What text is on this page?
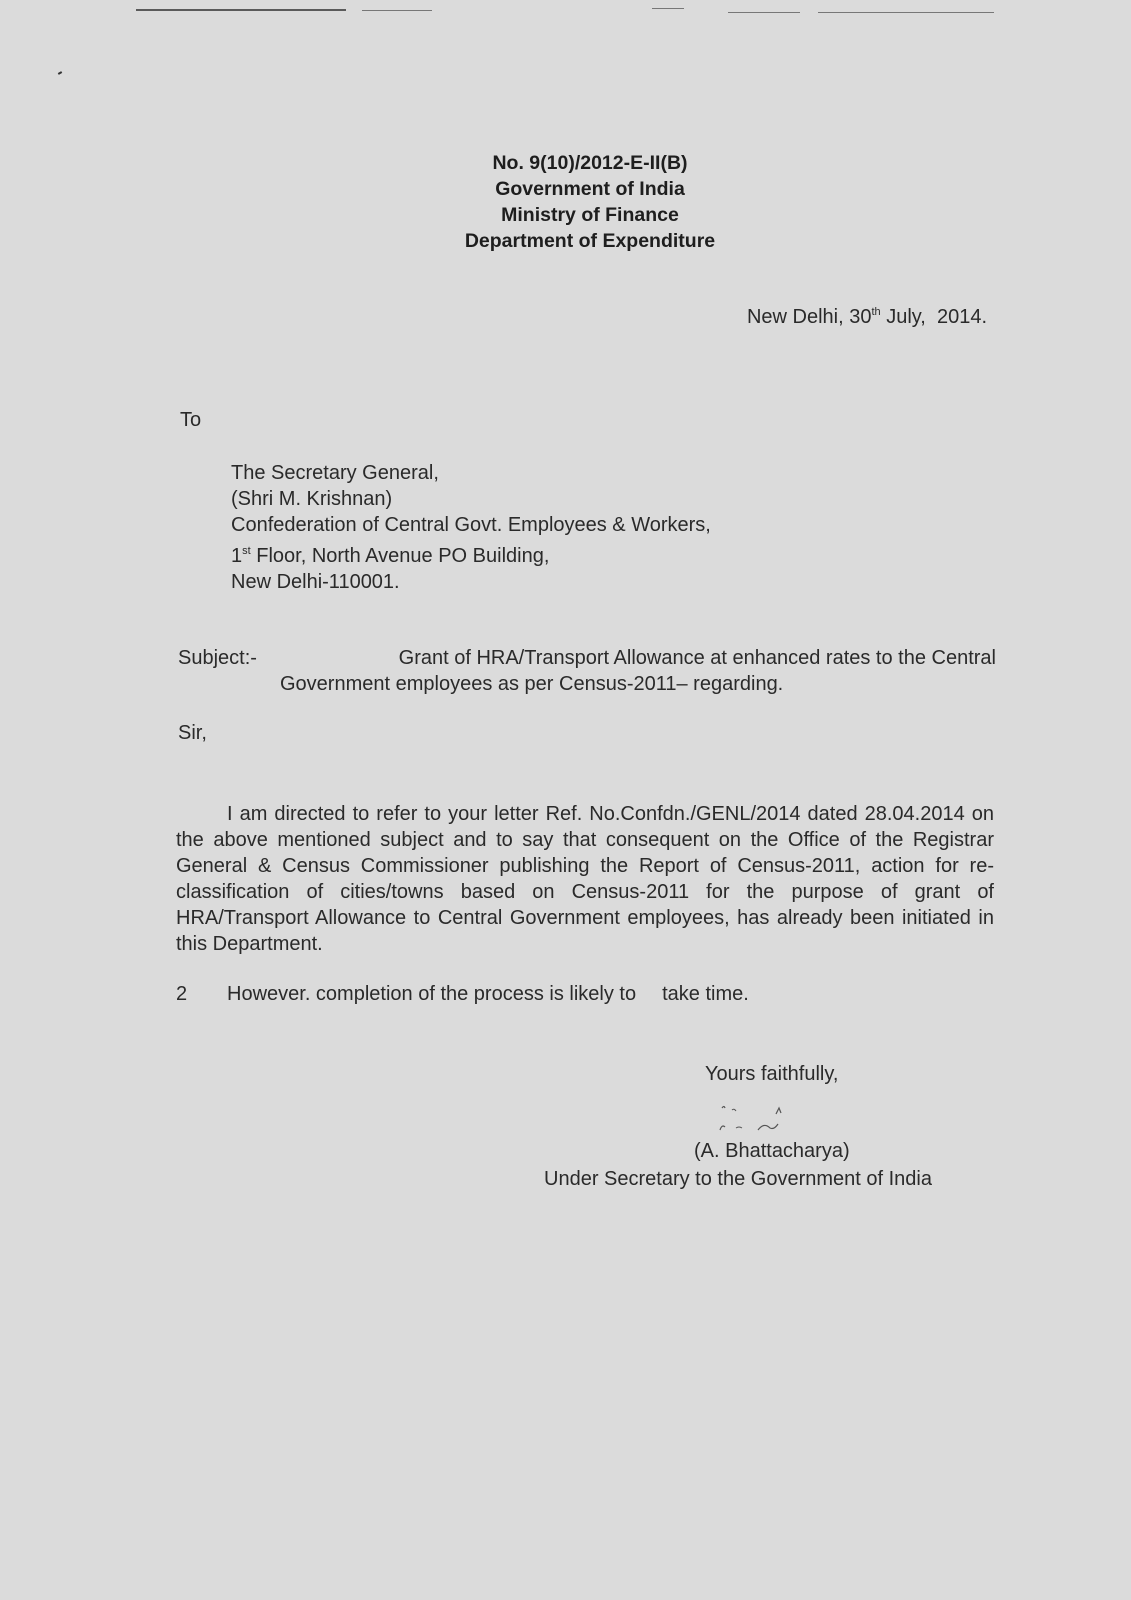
No. 9(10)/2012-E-II(B)
Government of India
Ministry of Finance
Department of Expenditure
New Delhi, 30th July,  2014.
To
The Secretary General,
(Shri M. Krishnan)
Confederation of Central Govt. Employees & Workers,
1st Floor, North Avenue PO Building,
New Delhi-110001.
Subject:-	Grant of HRA/Transport Allowance at enhanced rates to the Central
Government employees as per Census-2011– regarding.
Sir,
I am directed to refer to your letter Ref. No.Confdn./GENL/2014 dated 28.04.2014 on the above mentioned subject and to say that consequent on the Office of the Registrar General & Census Commissioner publishing the Report of Census-2011, action for re-classification of cities/towns based on Census-2011 for the purpose of grant of HRA/Transport Allowance to Central Government employees, has already been initiated in this Department.
2 However. completion of the process is likely to take time.
Yours faithfully,
(A. Bhattacharya)
Under Secretary to the Government of India
